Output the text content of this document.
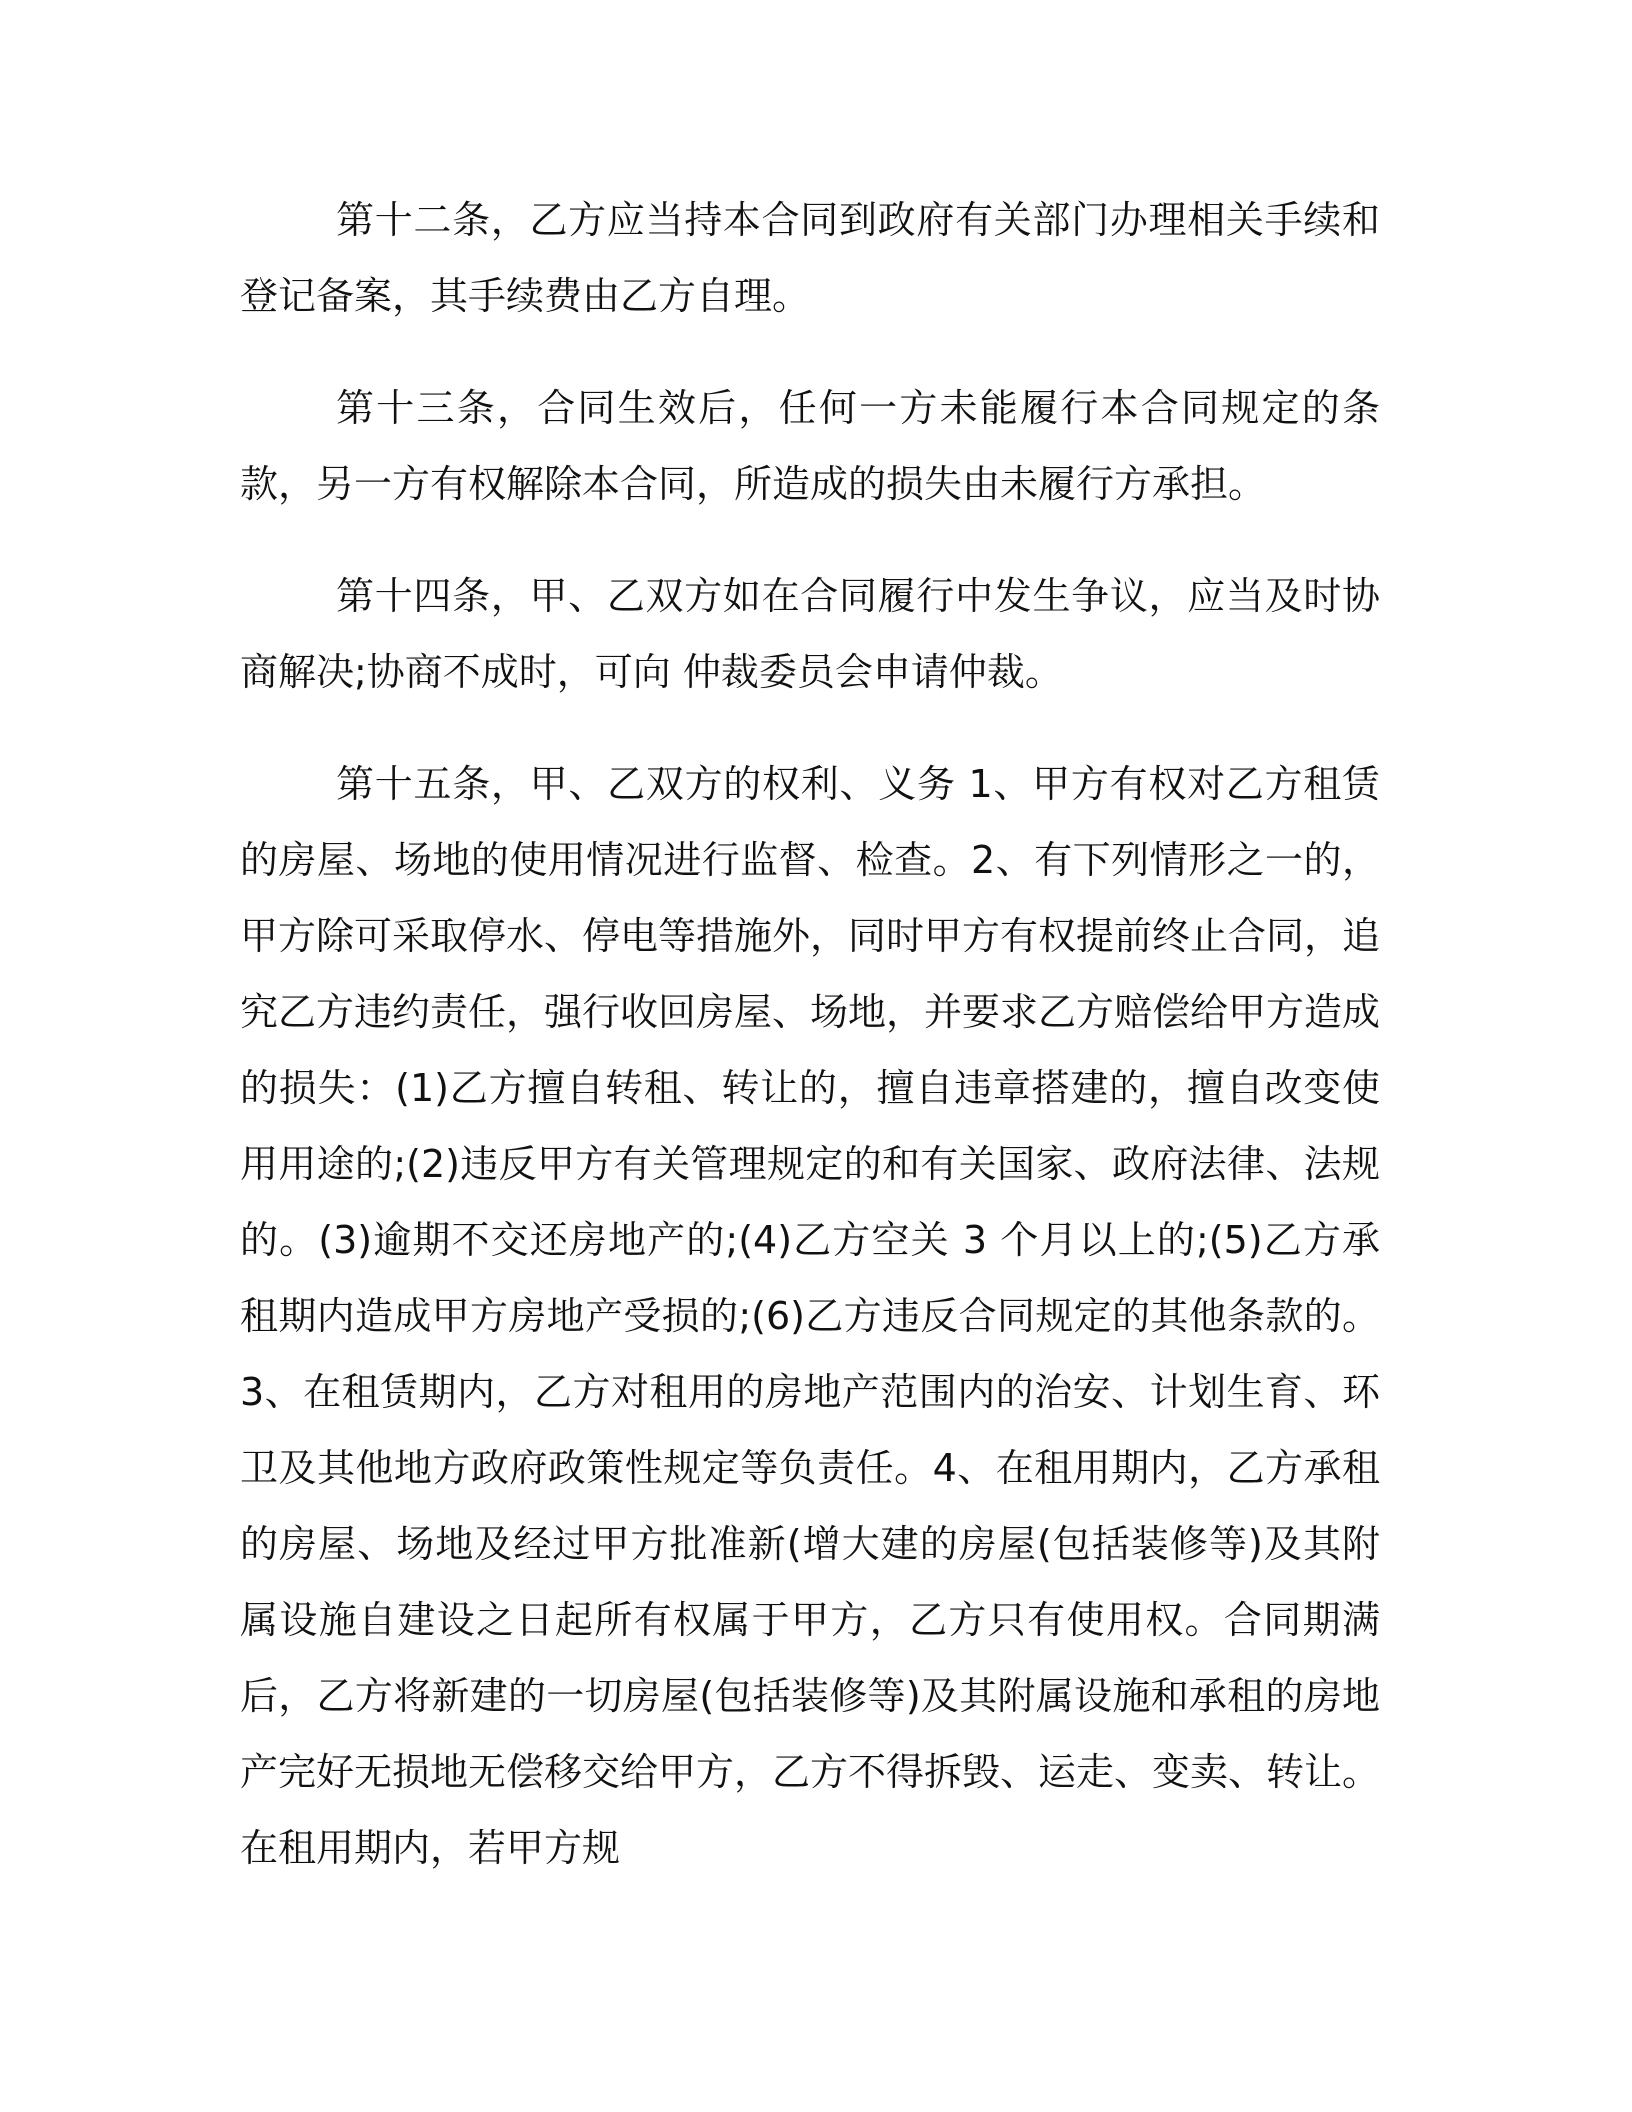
第十二条，乙方应当持本合同到政府有关部门办理相关手续和登记备案，其手续费由乙方自理。

第十三条，合同生效后，任何一方未能履行本合同规定的条款，另一方有权解除本合同，所造成的损失由未履行方承担。

第十四条，甲、乙双方如在合同履行中发生争议，应当及时协商解决;协商不成时，可向 仲裁委员会申请仲裁。

第十五条，甲、乙双方的权利、义务 1、甲方有权对乙方租赁的房屋、场地的使用情况进行监督、检查。2、有下列情形之一的，甲方除可采取停水、停电等措施外，同时甲方有权提前终止合同，追究乙方违约责任，强行收回房屋、场地，并要求乙方赔偿给甲方造成的损失：(1)乙方擅自转租、转让的，擅自违章搭建的，擅自改变使用用途的;(2)违反甲方有关管理规定的和有关国家、政府法律、法规的。(3)逾期不交还房地产的;(4)乙方空关 3 个月以上的;(5)乙方承租期内造成甲方房地产受损的;(6)乙方违反合同规定的其他条款的。3、在租赁期内，乙方对租用的房地产范围内的治安、计划生育、环卫及其他地方政府政策性规定等负责任。4、在租用期内，乙方承租的房屋、场地及经过甲方批准新(增大建的房屋(包括装修等)及其附属设施自建设之日起所有权属于甲方，乙方只有使用权。合同期满后，乙方将新建的一切房屋(包括装修等)及其附属设施和承租的房地产完好无损地无偿移交给甲方，乙方不得拆毁、运走、变卖、转让。在租用期内，若甲方规
